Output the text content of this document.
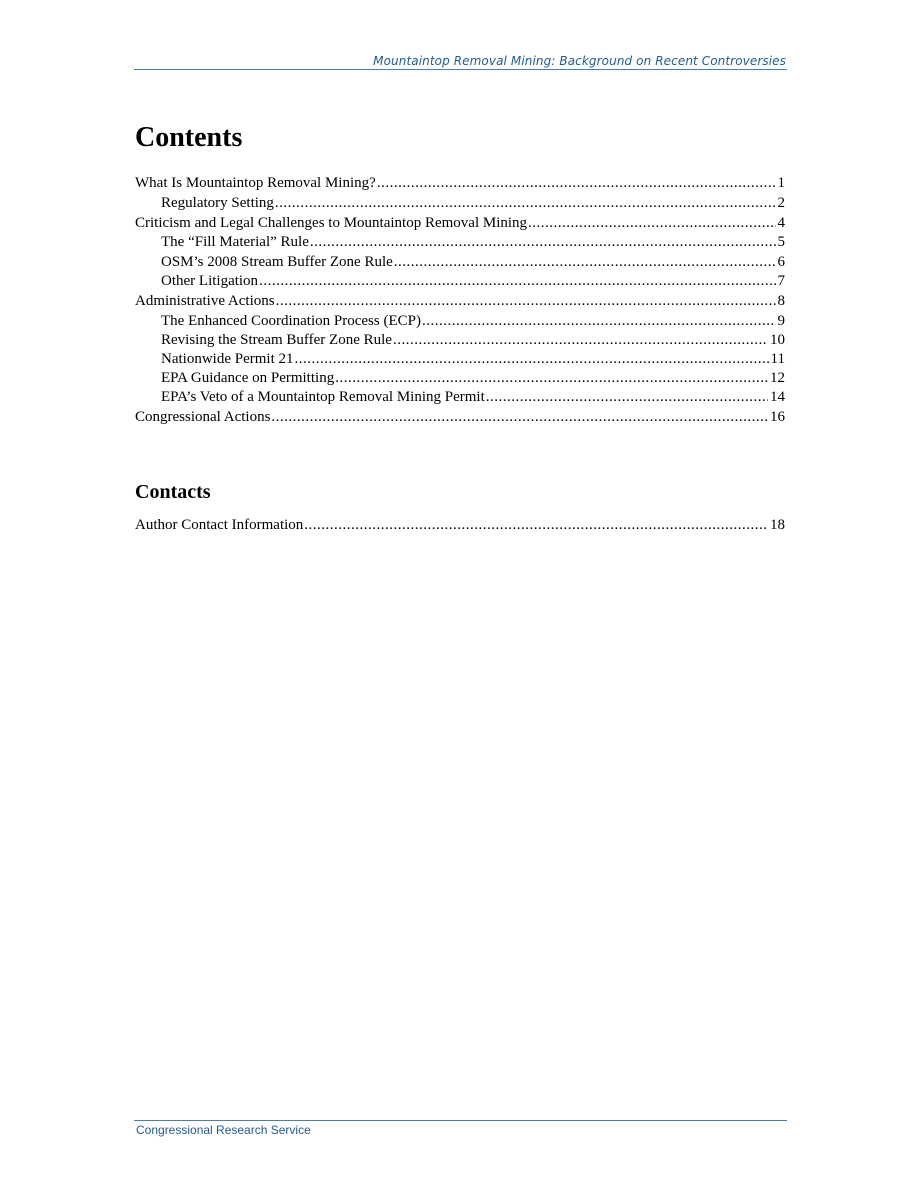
Mountaintop Removal Mining: Background on Recent Controversies
Contents
What Is Mountaintop Removal Mining? .....	1
Regulatory Setting .....	2
Criticism and Legal Challenges to Mountaintop Removal Mining .....	4
The “Fill Material” Rule .....	5
OSM’s 2008 Stream Buffer Zone Rule .....	6
Other Litigation .....	7
Administrative Actions .....	8
The Enhanced Coordination Process (ECP) .....	9
Revising the Stream Buffer Zone Rule .....	10
Nationwide Permit 21 .....	11
EPA Guidance on Permitting .....	12
EPA’s Veto of a Mountaintop Removal Mining Permit .....	14
Congressional Actions .....	16
Contacts
Author Contact Information .....	18
Congressional Research Service
